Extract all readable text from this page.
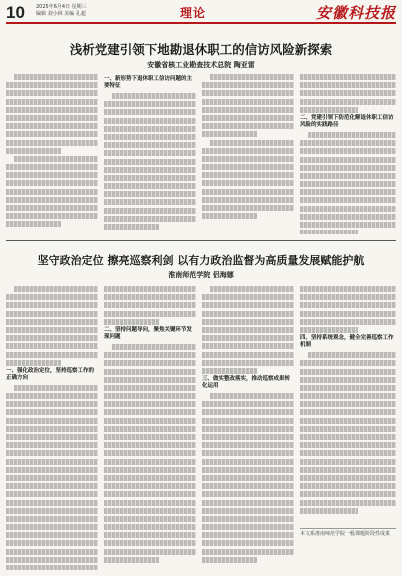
10 2025年6月4日 星期三
编辑 刘小林 美编 孔超	理论	安徽科技报
浅析党建引领下地勘退休职工的信访风险新探索
安徽省核工业勘查技术总院 陶亚雷
一、新形势下退休职工信访问题的主要特征
二、党建引领下防范化解退休职工信访风险的实践路径
坚守政治定位 擦亮巡察利剑 以有力政治监督为高质量发展赋能护航
淮南师范学院 侣海娜
一、强化政治定位，坚持巡察工作的正确方向
二、坚持问题导向，聚焦关键环节发现问题
三、做实整改落实，推动巡察成果转化运用
四、坚持系统观念，健全完善巡察工作机制
本文系淮南师范学院一般课题阶段性成果
